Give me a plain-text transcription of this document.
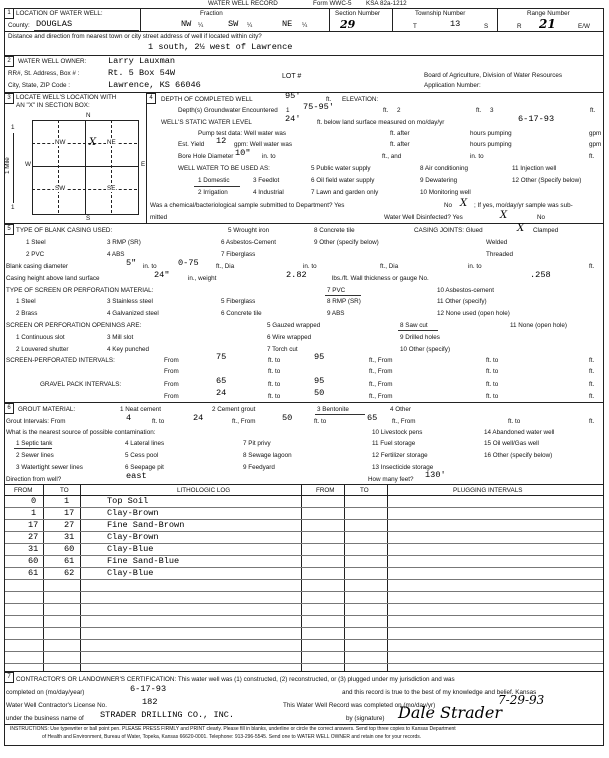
WATER WELL RECORD	Form WWC-5 KSA 82a-1212
1 LOCATION OF WATER WELL:
County: DOUGLAS
Fraction
NW ¼	SW ¼	NE ¼
Section Number
29
Township Number
T	13	S
Range Number
R 21	E/W
Distance and direction from nearest town or city street address of well if located within city?
1 south, 2½ west of Lawrence
2	WATER WELL OWNER:	Larry Lauxman
RR#, St. Address, Box # :	Rt. 5 Box 54W	LOT #	Board of Agriculture, Division of Water Resources
City, State, ZIP Code :	Lawrence, KS 66046	Application Number:
3 LOCATE WELL'S LOCATION WITH
AN "X" IN SECTION BOX:
N
S
W	E
1 Mile
1
1
NW	NE
SW	SE
X
4	DEPTH OF COMPLETED WELL	95'	ft. ELEVATION:
Depth(s) Groundwater Encountered 1 75-95'	ft. 2	ft. 3	ft.
WELL'S STATIC WATER LEVEL	24'	ft. below land surface measured on mo/day/yr	6-17-93
Pump test data: Well water was	ft. after	hours pumping	gpm
Est. Yield 12 gpm: Well water was	ft. after	hours pumping	gpm
Bore Hole Diameter 10" in. to	ft., and	in. to	ft.
WELL WATER TO BE USED AS:
1 Domestic	3 Feedlot
5 Public water supply	8 Air conditioning	11 Injection well
2 Irrigation	4 Industrial
6 Oil field water supply	9 Dewatering	12 Other (Specify below)
7 Lawn and garden only	10 Monitoring well
Was a chemical/bacteriological sample submitted to Department? Yes	No X ; If yes, mo/day/yr sample was sub-
mitted	Water Well Disinfected? Yes	X	No
5 TYPE OF BLANK CASING USED:	5 Wrought iron	8 Concrete tile	CASING JOINTS: Glued	X Clamped
1 Steel	3 RMP (SR)	6 Asbestos-Cement	9 Other (specify below)	Welded
2 PVC	4 ABS	7 Fiberglass	Threaded
Blank casing diameter	5" in. to 0-75	ft., Dia	in. to	ft., Dia	in. to	ft.
Casing height above land surface	24"	in., weight	2.82	lbs./ft. Wall thickness or gauge No.	.258
TYPE OF SCREEN OR PERFORATION MATERIAL:	7 PVC	10 Asbestos-cement
1 Steel	3 Stainless steel	5 Fiberglass	8 RMP (SR)	11 Other (specify)
2 Brass	4 Galvanized steel	6 Concrete tile	9 ABS	12 None used (open hole)
SCREEN OR PERFORATION OPENINGS ARE:	5 Gauzed wrapped	8 Saw cut	11 None (open hole)
1 Continuous slot	3 Mill slot	6 Wire wrapped	9 Drilled holes
2 Louvered shutter	4 Key punched	7 Torch cut	10 Other (specify)
SCREEN-PERFORATED INTERVALS:	From	75	ft. to	95	ft., From	ft. to	ft.
From	ft. to	ft., From	ft. to	ft.
GRAVEL PACK INTERVALS:	From	65	ft. to	95	ft., From	ft. to	ft.
From	24	ft. to	50	ft., From	ft. to	ft.
6	GROUT MATERIAL:	1 Neat cement	2 Cement grout	3 Bentonite	4 Other
Grout Intervals: From	4	ft. to	24	ft., From	50	ft. to	65 ft., From	ft. to	ft.
What is the nearest source of possible contamination:
1 Septic tank	4 Lateral lines	7 Pit privy
10 Livestock pens	14 Abandoned water well
2 Sewer lines	5 Cess pool	8 Sewage lagoon
11 Fuel storage	15 Oil well/Gas well
3 Watertight sewer lines	6 Seepage pit	9 Feedyard
12 Fertilizer storage	16 Other (specify below)
13 Insecticide storage
Direction from well?	east	How many feet? 130'
FROM	TO	LITHOLOGIC LOG	FROM	TO	PLUGGING INTERVALS
0	1	Top Soil
1	17	Clay-Brown
17	27	Fine Sand-Brown
27	31	Clay-Brown
31	60	Clay-Blue
60	61	Fine Sand-Blue
61	62	Clay-Blue
7 CONTRACTOR'S OR LANDOWNER'S CERTIFICATION: This water well was (1) constructed, (2) reconstructed, or (3) plugged under my jurisdiction and was
completed on (mo/day/year)	6-17-93	and this record is true to the best of my knowledge and belief. Kansas
Water Well Contractor's License No.	182	This Water Well Record was completed on (mo/day/yr)	7-29-93
under the business name of STRADER DRILLING CO., INC.	by (signature) Dale Strader
INSTRUCTIONS: Use typewriter or ball point pen. PLEASE PRESS FIRMLY and PRINT clearly. Please fill in blanks, underline or circle the correct answers. Send top three copies to Kansas Department
of Health and Environment, Bureau of Water, Topeka, Kansas 66620-0001. Telephone: 913-296-5545. Send one to WATER WELL OWNER and retain one for your records.
